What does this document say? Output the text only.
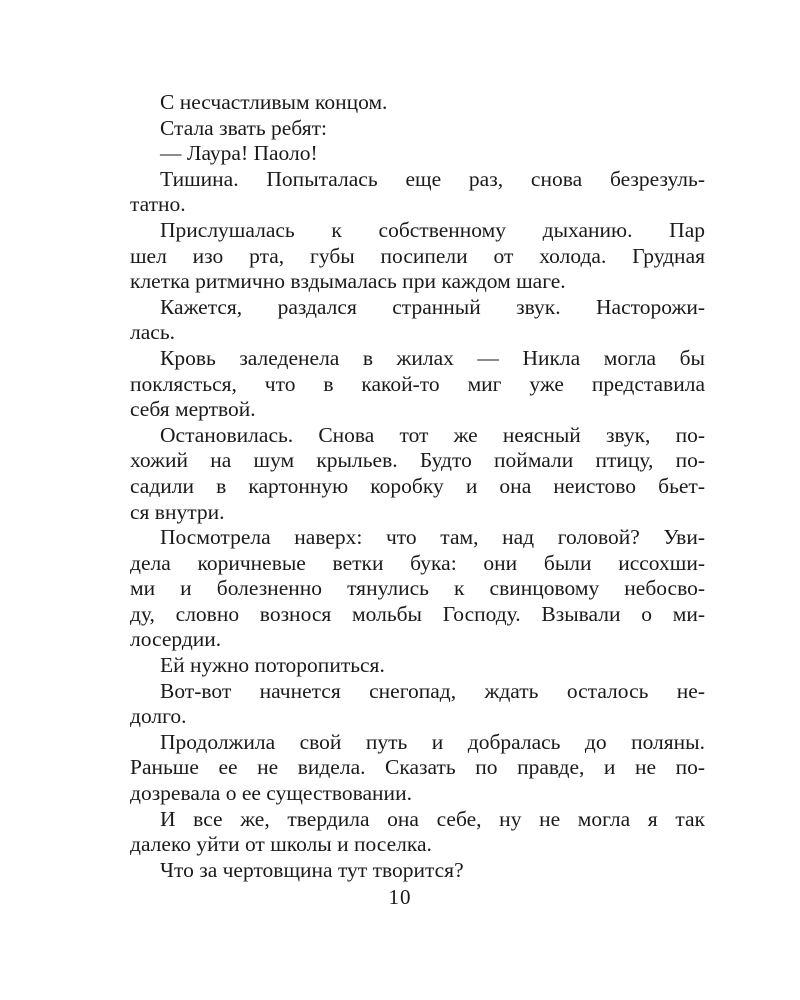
С несчастливым концом.
Стала звать ребят:
— Лаура! Паоло!
Тишина. Попыталась еще раз, снова безрезуль-
татно.
Прислушалась к собственному дыханию. Пар
шел изо рта, губы посипели от холода. Грудная
клетка ритмично вздымалась при каждом шаге.
Кажется, раздался странный звук. Насторожи-
лась.
Кровь заледенела в жилах — Никла могла бы
поклясться, что в какой-то миг уже представила
себя мертвой.
Остановилась. Снова тот же неясный звук, по-
хожий на шум крыльев. Будто поймали птицу, по-
садили в картонную коробку и она неистово бьет-
ся внутри.
Посмотрела наверх: что там, над головой? Уви-
дела коричневые ветки бука: они были иссохши-
ми и болезненно тянулись к свинцовому небосво-
ду, словно вознося мольбы Господу. Взывали о ми-
лосердии.
Ей нужно поторопиться.
Вот-вот начнется снегопад, ждать осталось не-
долго.
Продолжила свой путь и добралась до поляны.
Раньше ее не видела. Сказать по правде, и не по-
дозревала о ее существовании.
И все же, твердила она себе, ну не могла я так
далеко уйти от школы и поселка.
Что за чертовщина тут творится?
10
